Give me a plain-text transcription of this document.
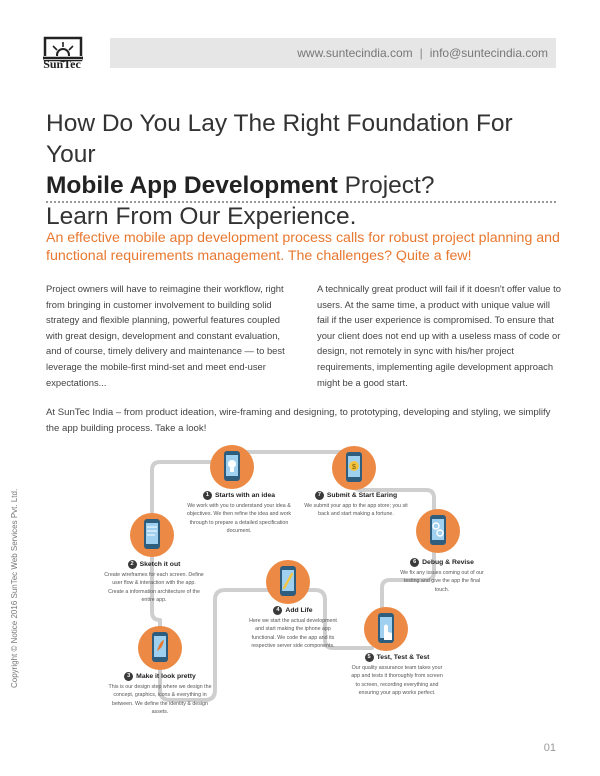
SunTec
www.suntecindia.com | info@suntecindia.com
How Do You Lay The Right Foundation For Your
Mobile App Development Project?
Learn From Our Experience.
An effective mobile app development process calls for robust project planning and functional requirements management. The challenges? Quite a few!
Project owners will have to reimagine their workflow, right from bringing in customer involvement to building solid strategy and flexible planning, powerful features coupled with great design, development and constant evaluation, and of course, timely delivery and maintenance — to best leverage the mobile-first mind-set and meet end-user expectations...
A technically great product will fail if it doesn't offer value to users. At the same time, a product with unique value will fail if the user experience is compromised. To ensure that your client does not end up with a useless mass of code or design, not remotely in sync with his/her project requirements, implementing agile development approach might be a good start.
At SunTec India – from product ideation, wire-framing and designing, to prototyping, developing and styling, we simplify the app building process. Take a look!
Copyright © Notice 2016 SunTec Web Services Pvt. Ltd.
$
1 Starts with an idea
We work with you to understand your idea & objectives. We then refine the idea and work through to prepare a detailed specification document.
7 Submit & Start Earing
We submit your app to the app store; you sit back and start making a fortune.
2 Sketch it out
Create wireframes for each screen. Define user flow & interaction with the app. Create a information architecture of the entire app.
6 Debug & Revise
We fix any issues coming out of our testing and give the app the final touch.
4 Add Life
Here we start the actual development and start making the iphone app functional. We code the app and its respective server side components.
5 Test, Test & Test
Our quality assurance team takes your app and tests it thoroughly from screen to screen, recording everything and ensuring your app works perfect.
3 Make it look pretty
This is our design step where we design the concept, graphics, icons & everything in between. We define the identity & design assets.
01
